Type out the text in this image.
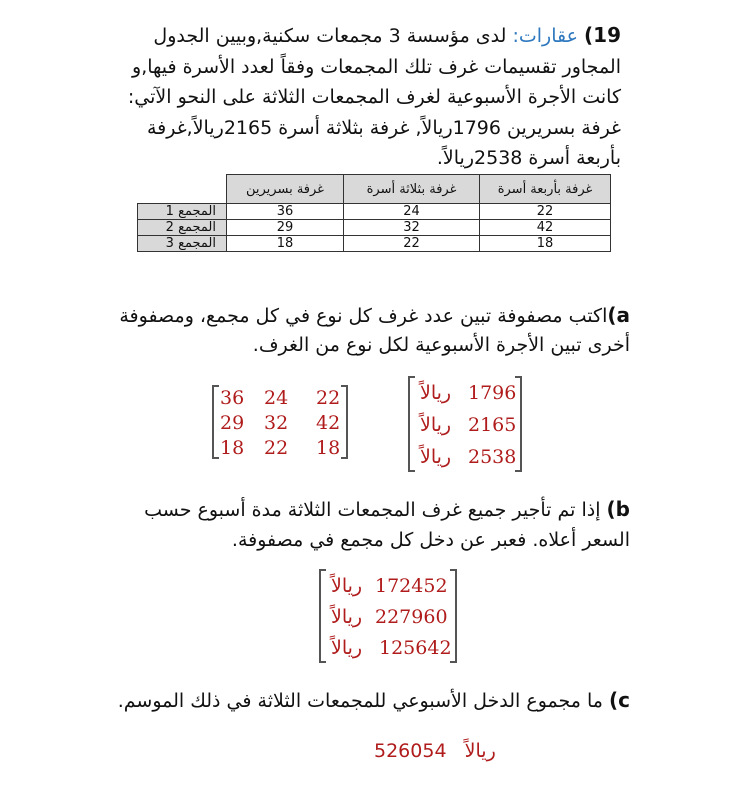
19) عقارات: لدى مؤسسة 3 مجمعات سكنية,وبيين الجدول المجاور تقسيمات غرف تلك المجمعات وفقاً لعدد الأسرة فيها,و كانت الأجرة الأسبوعية لغرف المجمعات الثلاثة على النحو الآتي: غرفة بسريرين 1796ريالاً, غرفة بثلاثة أسرة 2165ريالاً,غرفة بأربعة أسرة 2538ريالاً.
	غرفة بسريرين	غرفة بثلاثة أسرة	غرفة بأربعة أسرة
المجمع 1	36	24	22
المجمع 2	29	32	42
المجمع 3	18	22	18
a)اكتب مصفوفة تبين عدد غرف كل نوع في كل مجمع، ومصفوفة أخرى تبين الأجرة الأسبوعية لكل نوع من الغرف.
36 24 22
29 32 42
18 22 18
ريالاً 1796
ريالاً 2165
ريالاً 2538
b) إذا تم تأجير جميع غرف المجمعات الثلاثة مدة أسبوع حسب السعر أعلاه. فعبر عن دخل كل مجمع في مصفوفة.
ريالاً 172452
ريالاً 227960
ريالاً 125642
c) ما مجموع الدخل الأسبوعي للمجمعات الثلاثة في ذلك الموسم.
ريالاً   526054
